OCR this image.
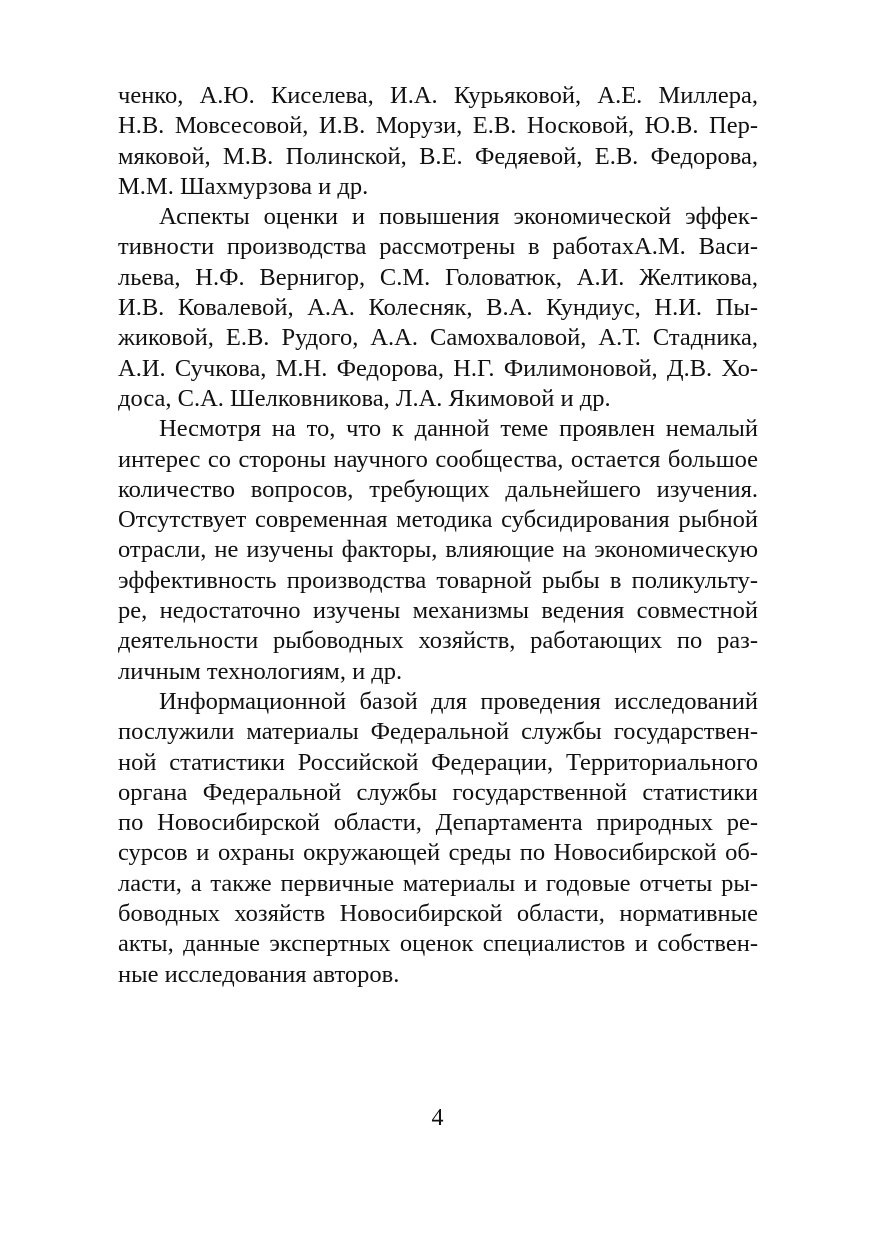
ченко, А.Ю. Киселева, И.А. Курьяковой, А.Е. Миллера,
Н.В. Мовсесовой, И.В. Морузи, Е.В. Носковой, Ю.В. Пер-
мяковой, М.В. Полинской, В.Е. Федяевой, Е.В. Федорова,
М.М. Шахмурзова и др.
Аспекты оценки и повышения экономической эффек-
тивности производства рассмотрены в работахА.М. Васи-
льева, Н.Ф. Вернигор, С.М. Головатюк, А.И. Желтикова,
И.В. Ковалевой, А.А. Колесняк, В.А. Кундиус, Н.И. Пы-
жиковой, Е.В. Рудого, А.А. Самохваловой, А.Т. Стадника,
А.И. Сучкова, М.Н. Федорова, Н.Г. Филимоновой, Д.В. Хо-
доса, С.А. Шелковникова, Л.А. Якимовой и др.
Несмотря на то, что к данной теме проявлен немалый
интерес со стороны научного сообщества, остается большое
количество вопросов, требующих дальнейшего изучения.
Отсутствует современная методика субсидирования рыбной
отрасли, не изучены факторы, влияющие на экономическую
эффективность производства товарной рыбы в поликульту-
ре, недостаточно изучены механизмы ведения совместной
деятельности рыбоводных хозяйств, работающих по раз-
личным технологиям, и др.
Информационной базой для проведения исследований
послужили материалы Федеральной службы государствен-
ной статистики Российской Федерации, Территориального
органа Федеральной службы государственной статистики
по Новосибирской области, Департамента природных ре-
сурсов и охраны окружающей среды по Новосибирской об-
ласти, а также первичные материалы и годовые отчеты ры-
боводных хозяйств Новосибирской области, нормативные
акты, данные экспертных оценок специалистов и собствен-
ные исследования авторов.
4
